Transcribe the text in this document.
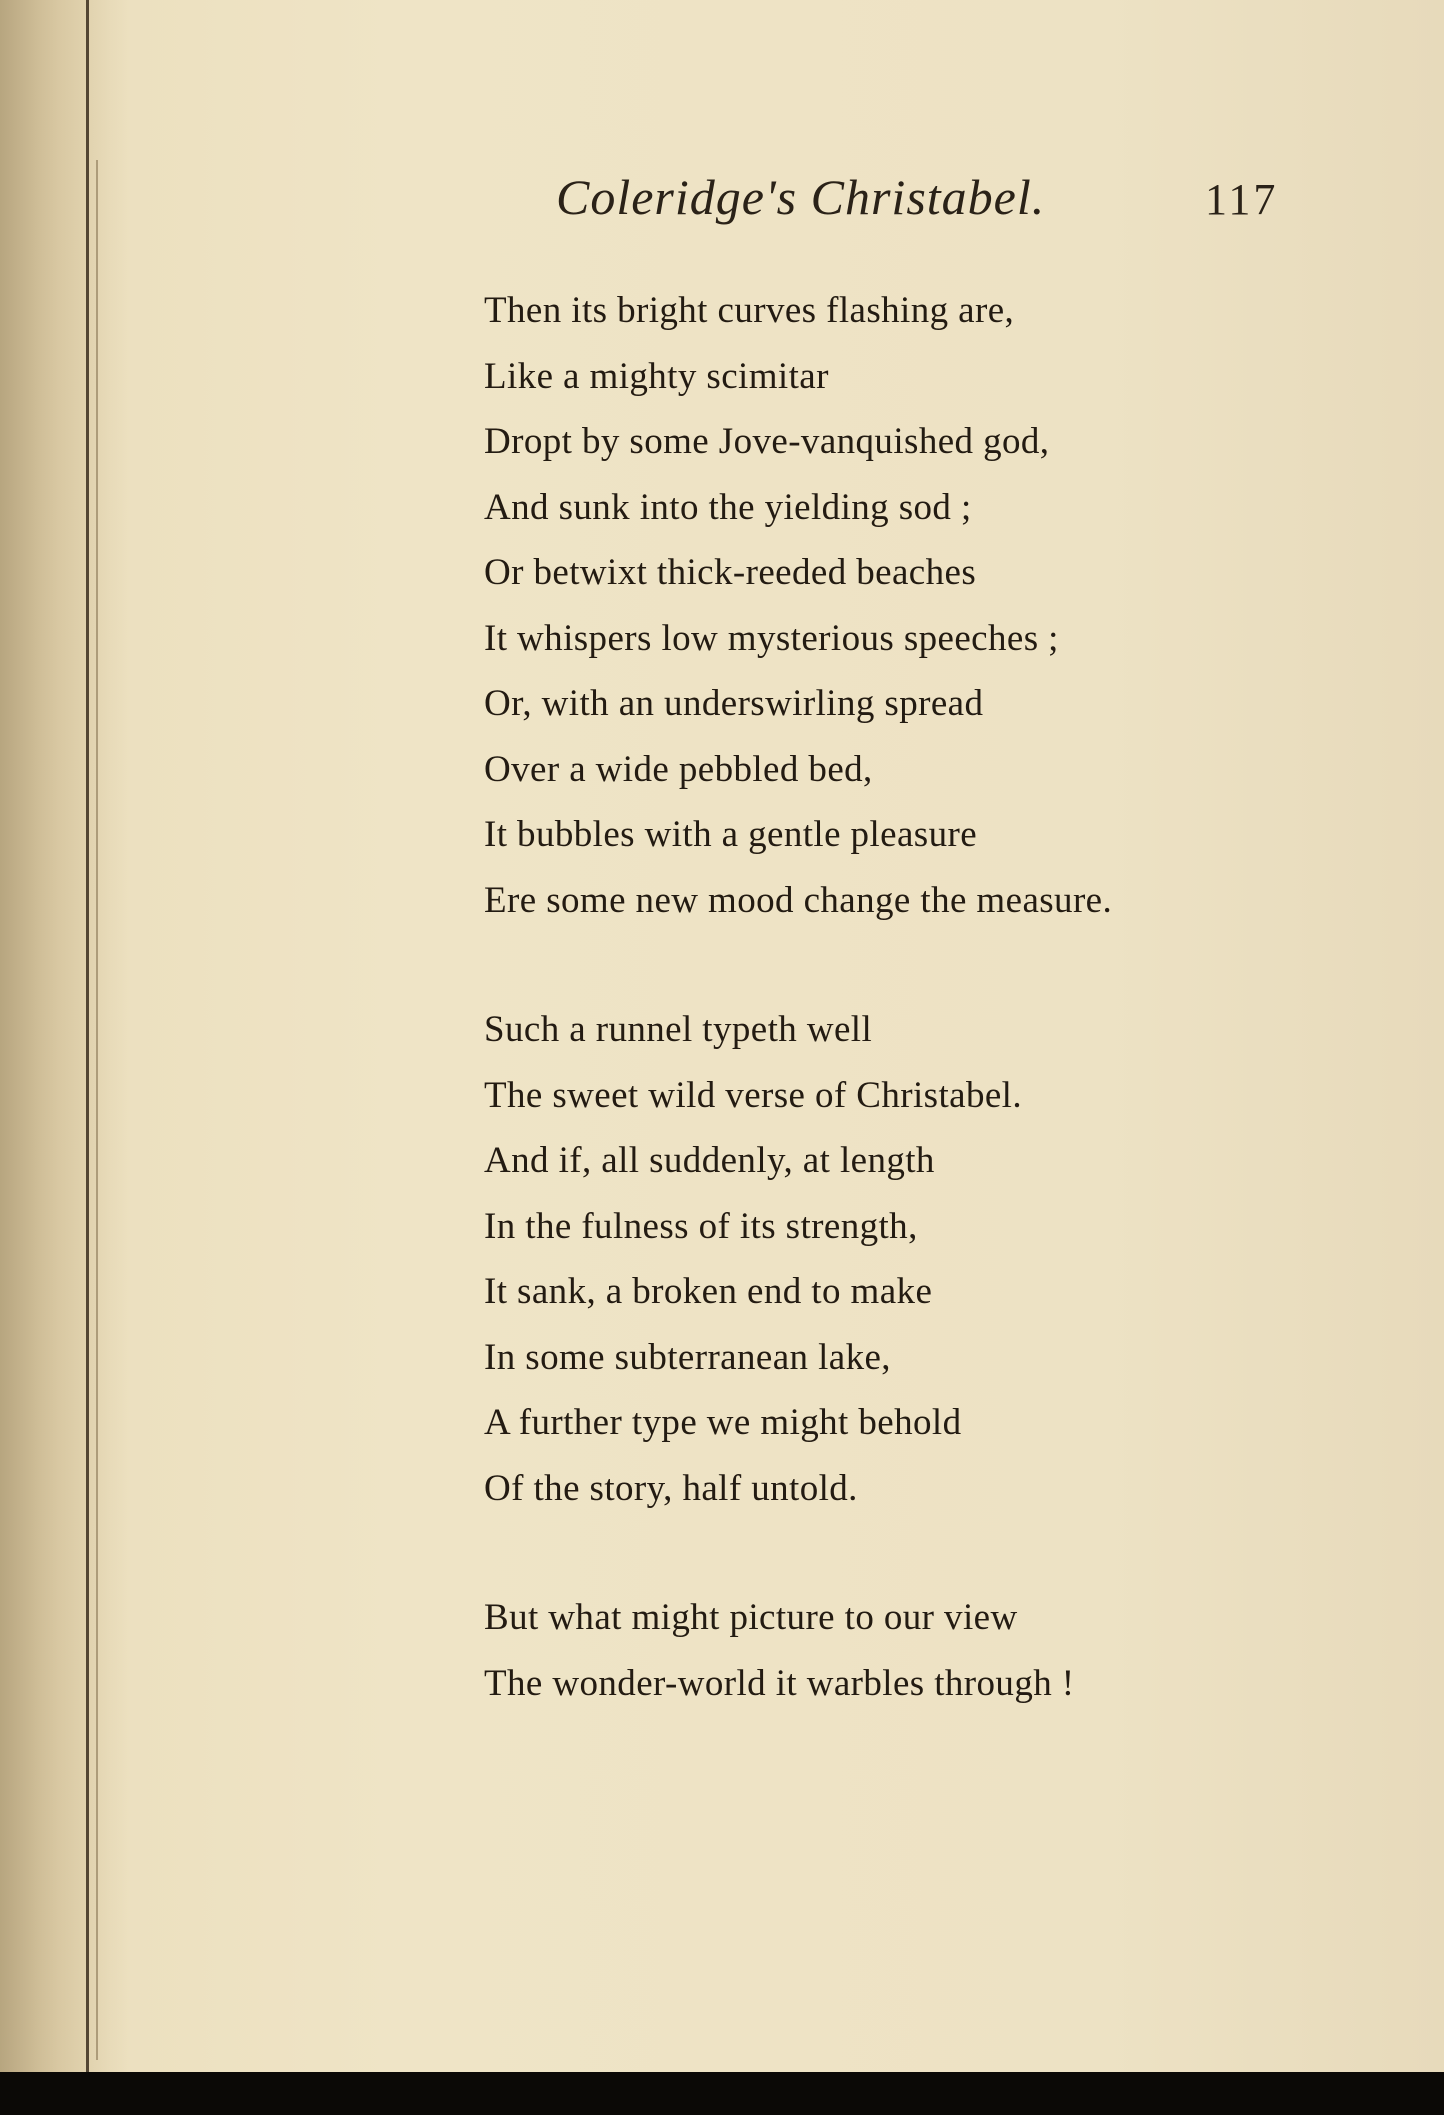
Coleridge's Christabel.	117
Then its bright curves flashing are,
Like a mighty scimitar
Dropt by some Jove-vanquished god,
And sunk into the yielding sod ;
Or betwixt thick-reeded beaches
It whispers low mysterious speeches ;
Or, with an underswirling spread
Over a wide pebbled bed,
It bubbles with a gentle pleasure
Ere some new mood change the measure.
Such a runnel typeth well
The sweet wild verse of Christabel.
And if, all suddenly, at length
In the fulness of its strength,
It sank, a broken end to make
In some subterranean lake,
A further type we might behold
Of the story, half untold.
But what might picture to our view
The wonder-world it warbles through !
